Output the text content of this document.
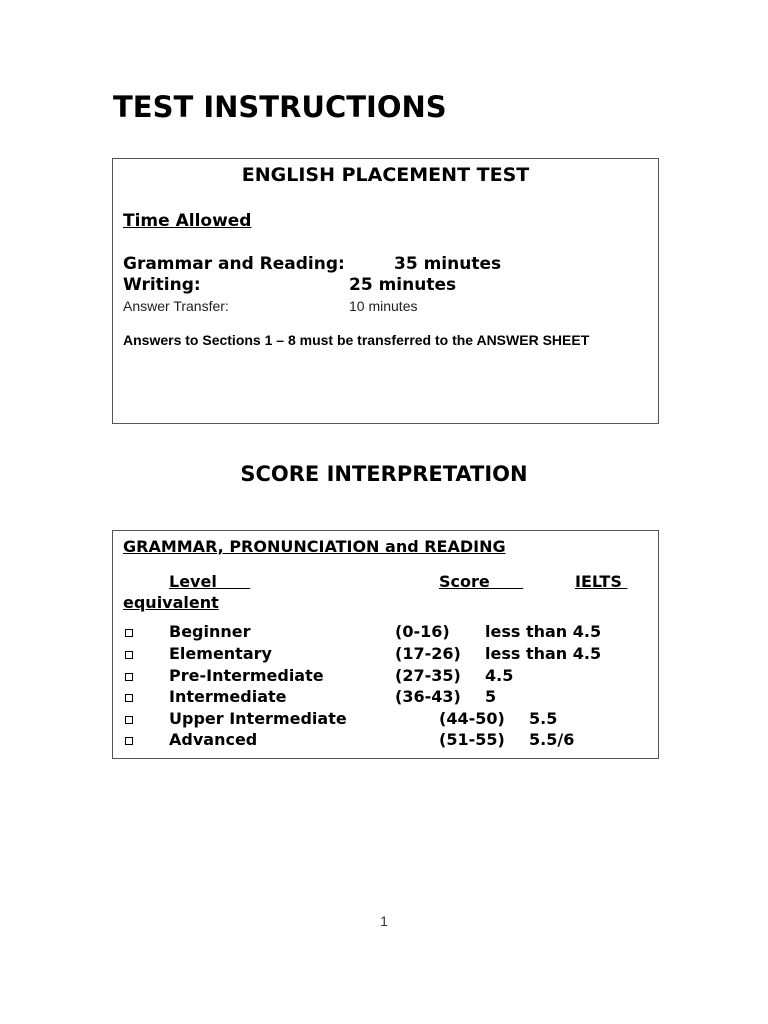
TEST INSTRUCTIONS
ENGLISH PLACEMENT TEST
Time Allowed
Grammar and Reading:	35 minutes
Writing:	25 minutes
Answer Transfer:	10 minutes
Answers to Sections 1 – 8 must be transferred to the ANSWER SHEET
SCORE INTERPRETATION
GRAMMAR, PRONUNCIATION and READING
Level	Score	IELTS
equivalent
Beginner	(0-16) less than 4.5
Elementary	(17-26) less than 4.5
Pre-Intermediate	(27-35) 4.5
Intermediate	(36-43) 5
Upper Intermediate	(44-50) 5.5
Advanced	(51-55) 5.5/6
1
